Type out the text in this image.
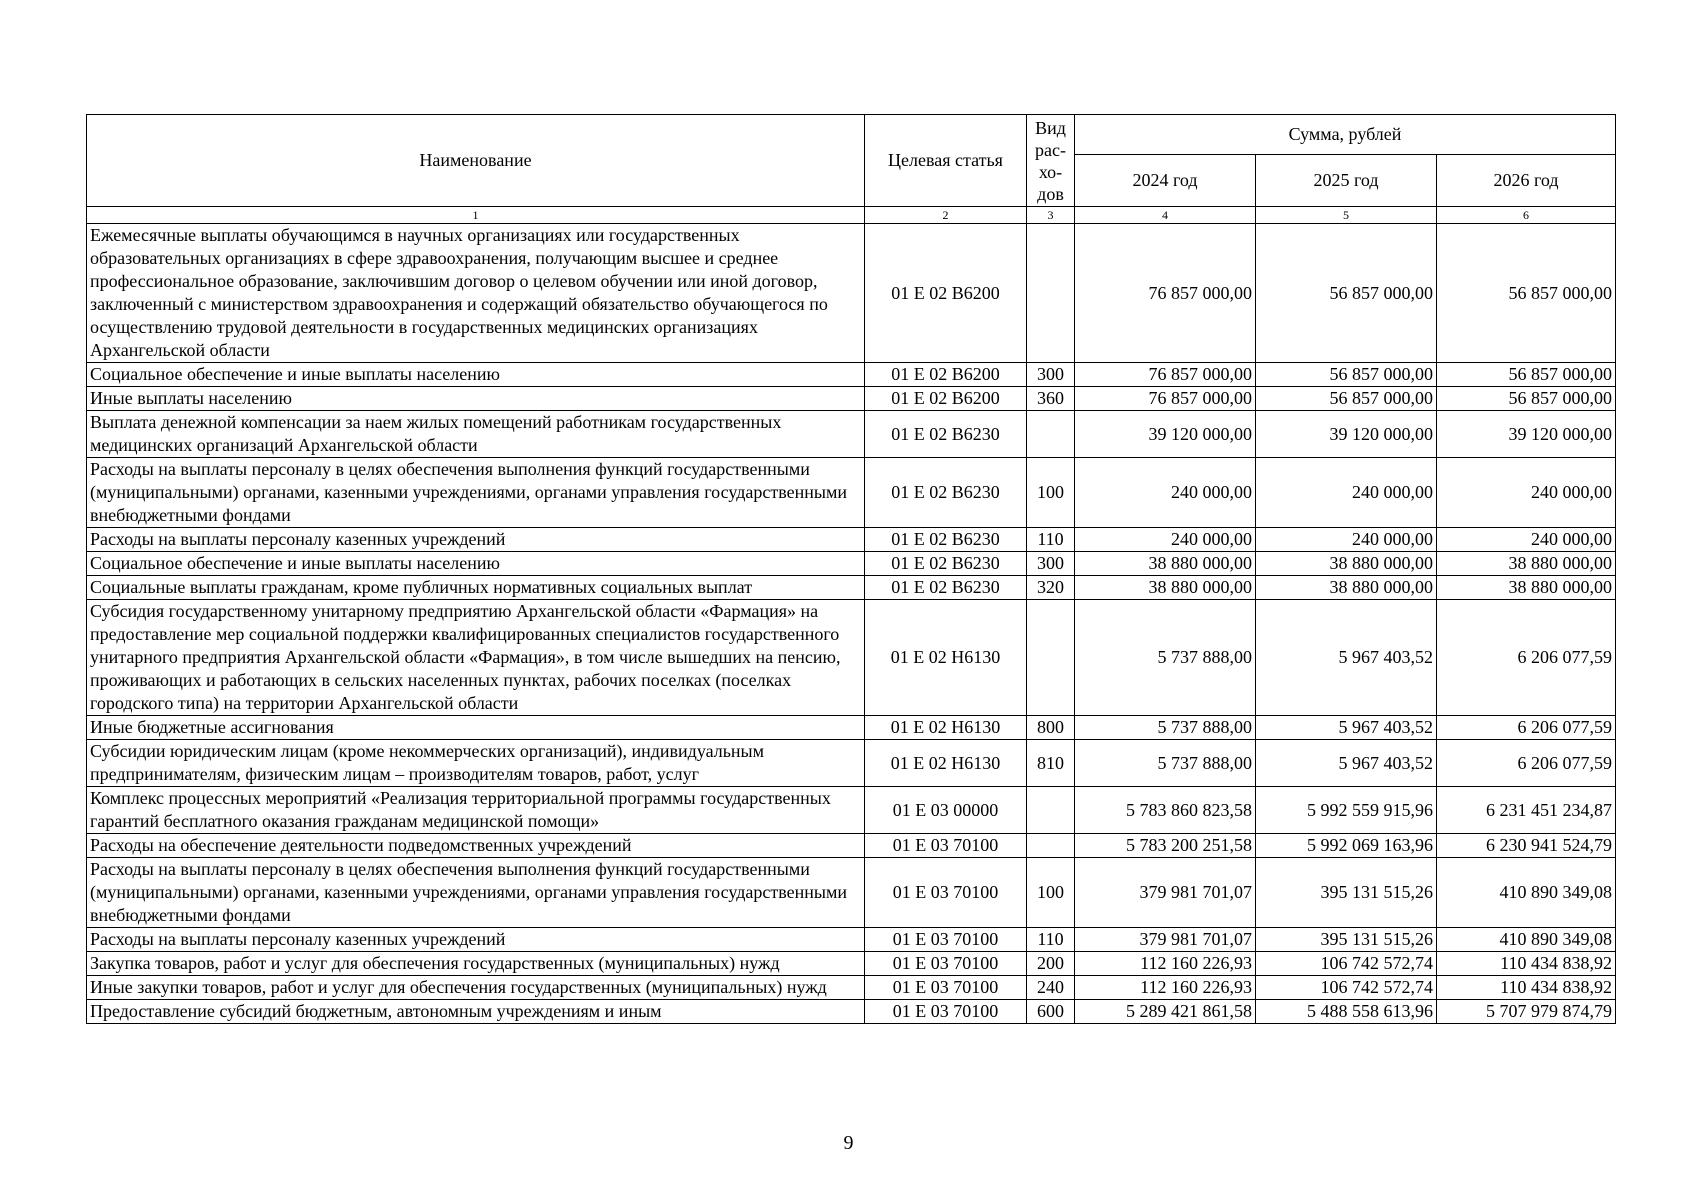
Наименование	Целевая статья	Вид рас-хо-дов	Сумма, рублей		
			2024 год	2025 год	2026 год
1	2	3	4	5	6
Ежемесячные выплаты обучающимся в научных организациях или государственных образовательных организациях в сфере здравоохранения, получающим высшее и среднее профессиональное образование, заключившим договор о целевом обучении или иной договор, заключенный с министерством здравоохранения и содержащий обязательство обучающегося по осуществлению трудовой деятельности в государственных медицинских организациях Архангельской области	01 Е 02 В6200		76 857 000,00	56 857 000,00	56 857 000,00
Социальное обеспечение и иные выплаты населению	01 Е 02 В6200	300	76 857 000,00	56 857 000,00	56 857 000,00
Иные выплаты населению	01 Е 02 В6200	360	76 857 000,00	56 857 000,00	56 857 000,00
Выплата денежной компенсации за наем жилых помещений работникам государственных медицинских организаций Архангельской области	01 Е 02 В6230		39 120 000,00	39 120 000,00	39 120 000,00
Расходы на выплаты персоналу в целях обеспечения выполнения функций государственными (муниципальными) органами, казенными учреждениями, органами управления государственными внебюджетными фондами	01 Е 02 В6230	100	240 000,00	240 000,00	240 000,00
Расходы на выплаты персоналу казенных учреждений	01 Е 02 В6230	110	240 000,00	240 000,00	240 000,00
Социальное обеспечение и иные выплаты населению	01 Е 02 В6230	300	38 880 000,00	38 880 000,00	38 880 000,00
Социальные выплаты гражданам, кроме публичных нормативных социальных выплат	01 Е 02 В6230	320	38 880 000,00	38 880 000,00	38 880 000,00
Субсидия государственному унитарному предприятию Архангельской области «Фармация» на предоставление мер социальной поддержки квалифицированных специалистов государственного унитарного предприятия Архангельской области «Фармация», в том числе вышедших на пенсию, проживающих и работающих в сельских населенных пунктах, рабочих поселках (поселках городского типа) на территории Архангельской области	01 Е 02 Н6130		5 737 888,00	5 967 403,52	6 206 077,59
Иные бюджетные ассигнования	01 Е 02 Н6130	800	5 737 888,00	5 967 403,52	6 206 077,59
Субсидии юридическим лицам (кроме некоммерческих организаций), индивидуальным предпринимателям, физическим лицам – производителям товаров, работ, услуг	01 Е 02 Н6130	810	5 737 888,00	5 967 403,52	6 206 077,59
Комплекс процессных мероприятий «Реализация территориальной программы государственных гарантий бесплатного оказания гражданам медицинской помощи»	01 Е 03 00000		5 783 860 823,58	5 992 559 915,96	6 231 451 234,87
Расходы на обеспечение деятельности подведомственных учреждений	01 Е 03 70100		5 783 200 251,58	5 992 069 163,96	6 230 941 524,79
Расходы на выплаты персоналу в целях обеспечения выполнения функций государственными (муниципальными) органами, казенными учреждениями, органами управления государственными внебюджетными фондами	01 Е 03 70100	100	379 981 701,07	395 131 515,26	410 890 349,08
Расходы на выплаты персоналу казенных учреждений	01 Е 03 70100	110	379 981 701,07	395 131 515,26	410 890 349,08
Закупка товаров, работ и услуг для обеспечения государственных (муниципальных) нужд	01 Е 03 70100	200	112 160 226,93	106 742 572,74	110 434 838,92
Иные закупки товаров, работ и услуг для обеспечения государственных (муниципальных) нужд	01 Е 03 70100	240	112 160 226,93	106 742 572,74	110 434 838,92
Предоставление субсидий бюджетным, автономным учреждениям и иным	01 Е 03 70100	600	5 289 421 861,58	5 488 558 613,96	5 707 979 874,79
9
